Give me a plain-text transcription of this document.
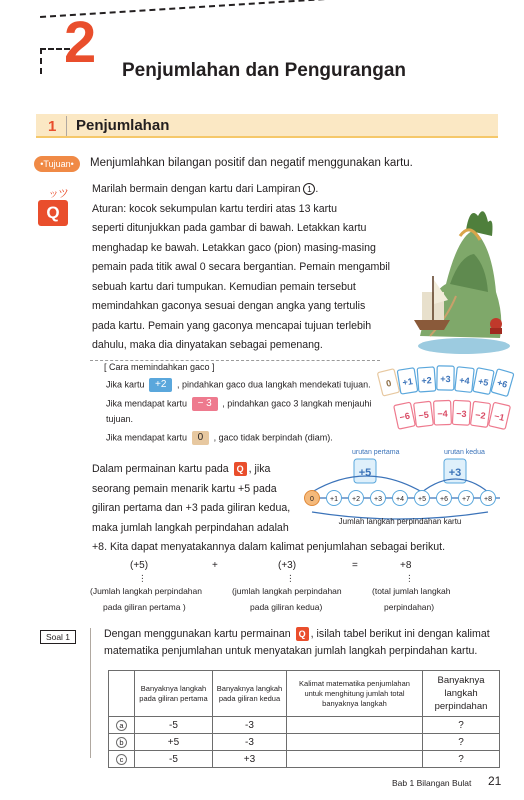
2 Penjumlahan dan Pengurangan
1 Penjumlahan
•Tujuan•	Menjumlahkan bilangan positif dan negatif menggunakan kartu.
ッツ
Q
Marilah bermain dengan kartu dari Lampiran 1 .
Aturan: kocok sekumpulan kartu terdiri atas 13 kartu
seperti ditunjukkan pada gambar di bawah. Letakkan kartu
menghadap ke bawah. Letakkan gaco (pion) masing-masing
pemain pada titik awal 0 secara bergantian. Pemain mengambil
sebuah kartu dari tumpukan. Kemudian pemain tersebut
memindahkan gaconya sesuai dengan angka yang tertulis
pada kartu. Pemain yang gaconya mencapai tujuan terlebih
dahulu, maka dia dinyatakan sebagai pemenang.
[ Cara memindahkan gaco ]
Jika kartu +2 , pindahkan gaco dua langkah mendekati tujuan.
Jika mendapat kartu − 3 , pindahkan gaco 3 langkah menjauhi
tujuan.
Jika mendapat kartu 0 , gaco tidak berpindah (diam).
0 +1 +2 +3 +4 +5 +6
−6 −5 −4 −3 −2 −1
Dalam permainan kartu pada Q , jika
seorang pemain menarik kartu +5 pada
giliran pertama dan +3 pada giliran kedua,
maka jumlah langkah perpindahan adalah
urutan pertama	urutan kedua
+5	+3
0 +1 +2 +3 +4 +5 +6 +7 +8
Jumlah langkah perpindahan kartu
+8. Kita dapat menyatakannya dalam kalimat penjumlahan sebagai berikut.
(+5)	+	(+3)	=	+8
⋮	⋮	⋮
(Jumlah langkah perpindahan
pada giliran pertama )
(jumlah langkah perpindahan
pada giliran kedua)
(total jumlah langkah
perpindahan)
Soal 1	Dengan menggunakan kartu permainan Q , isilah tabel berikut ini dengan kalimat
matematika penjumlahan untuk menyatakan jumlah langkah perpindahan kartu.
	Banyaknya langkah pada giliran pertama	Banyaknya langkah pada giliran kedua	Kalimat matematika penjumlahan untuk menghitung jumlah total banyaknya langkah	Banyaknya langkah perpindahan
a	-5	-3		?
b	+5	-3		?
c	-5	+3		?
Bab 1 Bilangan Bulat 21
